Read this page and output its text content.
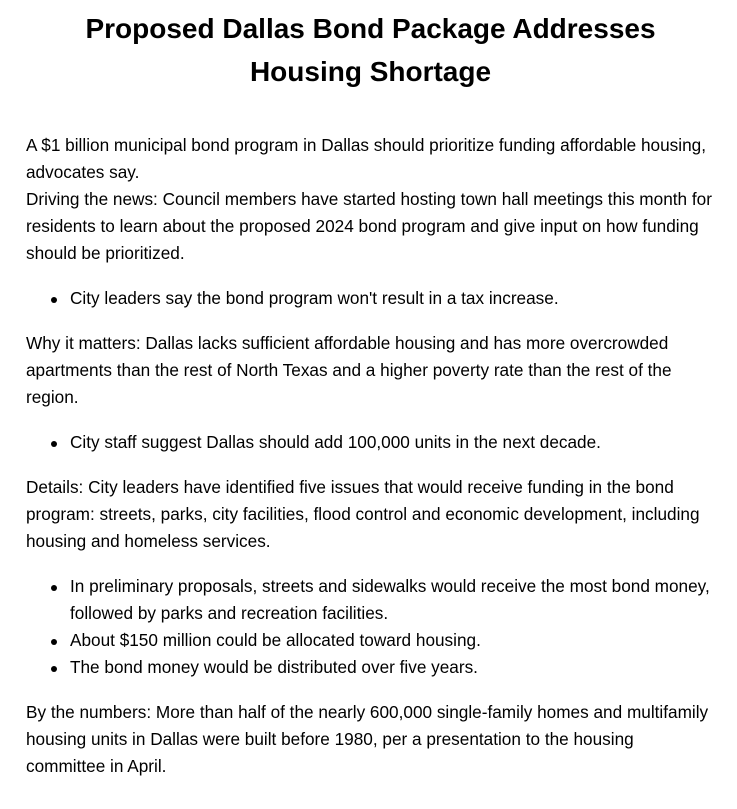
Proposed Dallas Bond Package Addresses
Housing Shortage

A $1 billion municipal bond program in Dallas should prioritize funding affordable housing, advocates say.

Driving the news: Council members have started hosting town hall meetings this month for residents to learn about the proposed 2024 bond program and give input on how funding should be prioritized.

City leaders say the bond program won't result in a tax increase.

Why it matters: Dallas lacks sufficient affordable housing and has more overcrowded apartments than the rest of North Texas and a higher poverty rate than the rest of the region.

City staff suggest Dallas should add 100,000 units in the next decade.

Details: City leaders have identified five issues that would receive funding in the bond program: streets, parks, city facilities, flood control and economic development, including housing and homeless services.

In preliminary proposals, streets and sidewalks would receive the most bond money, followed by parks and recreation facilities.
About $150 million could be allocated toward housing.
The bond money would be distributed over five years.

By the numbers: More than half of the nearly 600,000 single-family homes and multifamily housing units in Dallas were built before 1980, per a presentation to the housing committee in April.
